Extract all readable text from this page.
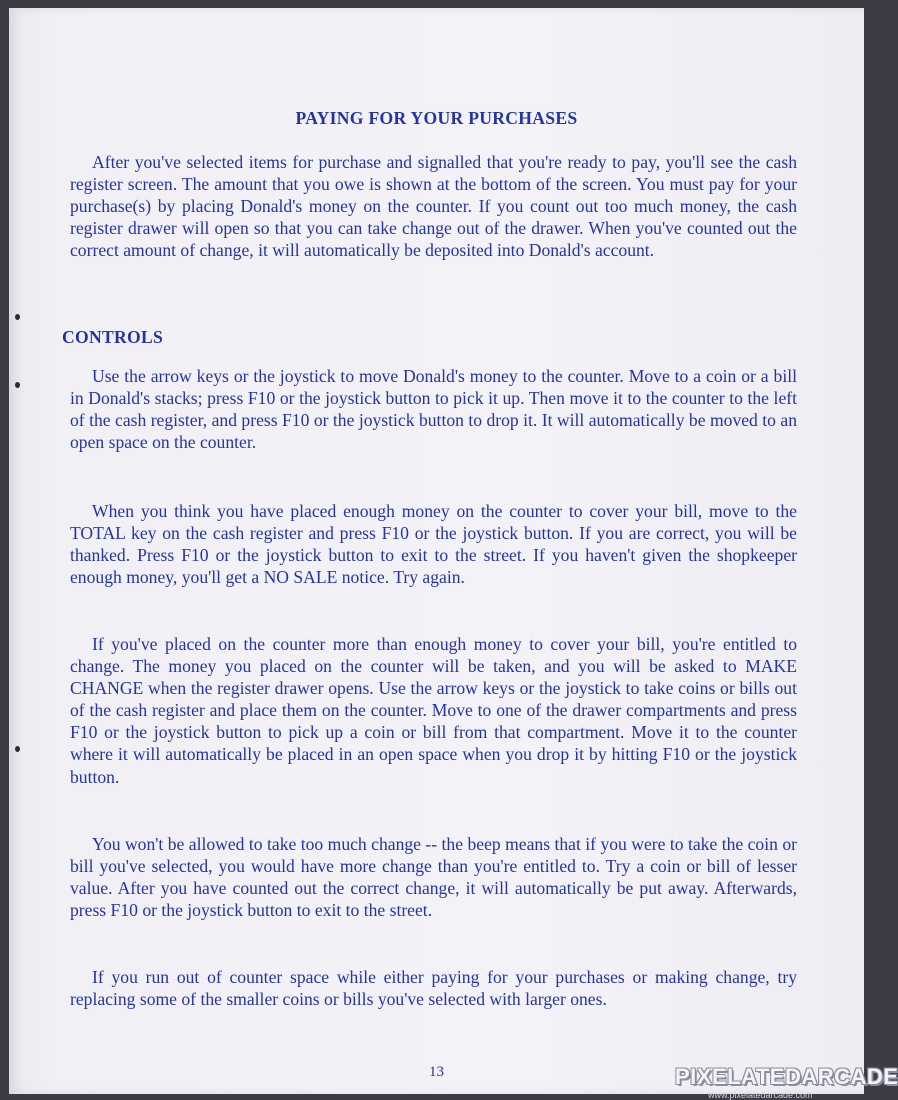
PAYING FOR YOUR PURCHASES

After you've selected items for purchase and signalled that you're ready to pay, you'll see the cash register screen. The amount that you owe is shown at the bottom of the screen. You must pay for your purchase(s) by placing Donald's money on the counter. If you count out too much money, the cash register drawer will open so that you can take change out of the drawer. When you've counted out the correct amount of change, it will automatically be deposited into Donald's account.

CONTROLS

Use the arrow keys or the joystick to move Donald's money to the counter. Move to a coin or a bill in Donald's stacks; press F10 or the joystick button to pick it up. Then move it to the counter to the left of the cash register, and press F10 or the joystick button to drop it. It will automatically be moved to an open space on the counter.

When you think you have placed enough money on the counter to cover your bill, move to the TOTAL key on the cash register and press F10 or the joystick button. If you are correct, you will be thanked. Press F10 or the joystick button to exit to the street. If you haven't given the shopkeeper enough money, you'll get a NO SALE notice. Try again.

If you've placed on the counter more than enough money to cover your bill, you're entitled to change. The money you placed on the counter will be taken, and you will be asked to MAKE CHANGE when the register drawer opens. Use the arrow keys or the joystick to take coins or bills out of the cash register and place them on the counter. Move to one of the drawer compartments and press F10 or the joystick button to pick up a coin or bill from that compartment. Move it to the counter where it will automatically be placed in an open space when you drop it by hitting F10 or the joystick button.

You won't be allowed to take too much change -- the beep means that if you were to take the coin or bill you've selected, you would have more change than you're entitled to. Try a coin or bill of lesser value. After you have counted out the correct change, it will automatically be put away. Afterwards, press F10 or the joystick button to exit to the street.

If you run out of counter space while either paying for your purchases or making change, try replacing some of the smaller coins or bills you've selected with larger ones.

13	PIXELATEDARCADE
www.pixelatedarcade.com
